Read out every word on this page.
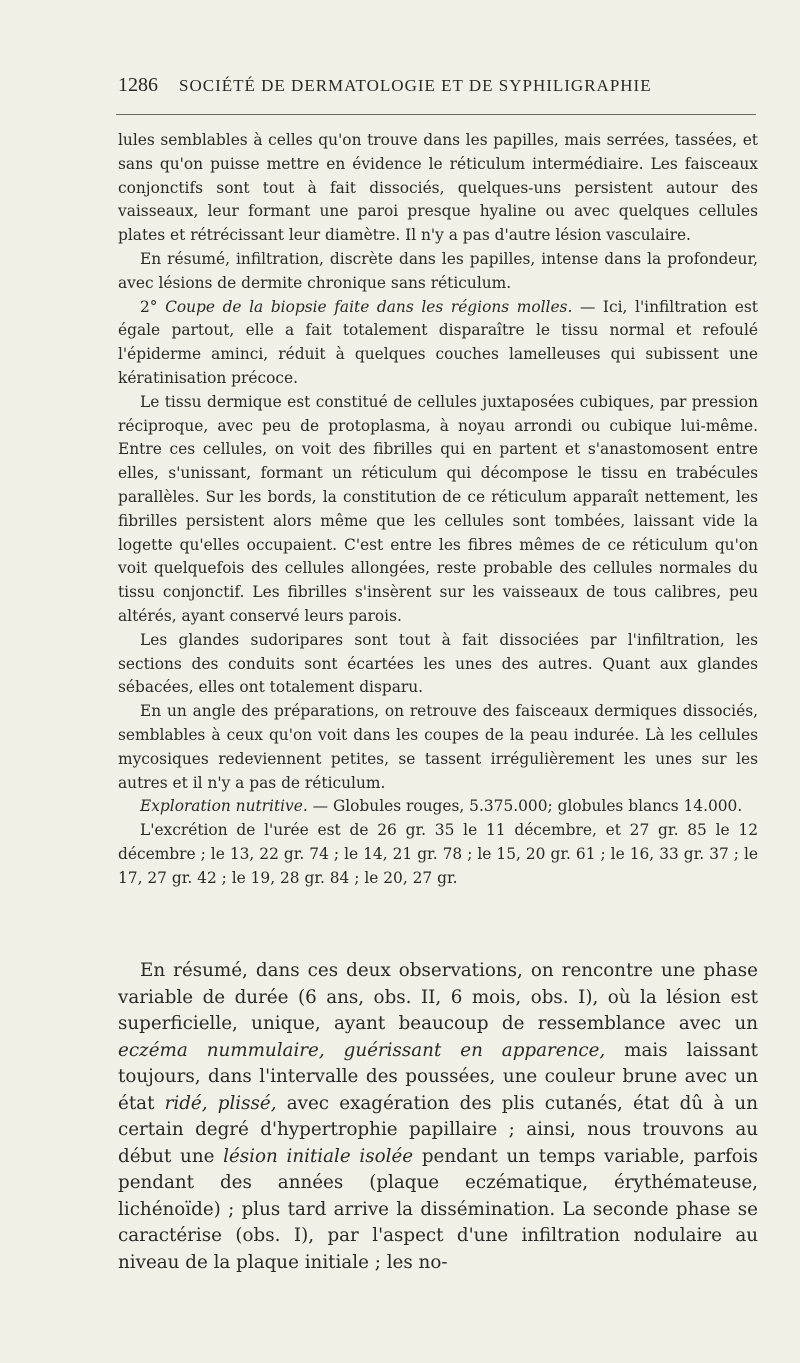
1286 SOCIÉTÉ DE DERMATOLOGIE ET DE SYPHILIGRAPHIE

lules semblables à celles qu'on trouve dans les papilles, mais serrées, tassées, et sans qu'on puisse mettre en évidence le réticulum intermédiaire. Les faisceaux conjonctifs sont tout à fait dissociés, quelques-uns persistent autour des vaisseaux, leur formant une paroi presque hyaline ou avec quelques cellules plates et rétrécissant leur diamètre. Il n'y a pas d'autre lésion vasculaire.

En résumé, infiltration, discrète dans les papilles, intense dans la profondeur, avec lésions de dermite chronique sans réticulum.

2° Coupe de la biopsie faite dans les régions molles. — Ici, l'infiltration est égale partout, elle a fait totalement disparaître le tissu normal et refoulé l'épiderme aminci, réduit à quelques couches lamelleuses qui subissent une kératinisation précoce.

Le tissu dermique est constitué de cellules juxtaposées cubiques, par pression réciproque, avec peu de protoplasma, à noyau arrondi ou cubique lui-même. Entre ces cellules, on voit des fibrilles qui en partent et s'anastomosent entre elles, s'unissant, formant un réticulum qui décompose le tissu en trabécules parallèles. Sur les bords, la constitution de ce réticulum apparaît nettement, les fibrilles persistent alors même que les cellules sont tombées, laissant vide la logette qu'elles occupaient. C'est entre les fibres mêmes de ce réticulum qu'on voit quelquefois des cellules allongées, reste probable des cellules normales du tissu conjonctif. Les fibrilles s'insèrent sur les vaisseaux de tous calibres, peu altérés, ayant conservé leurs parois.

Les glandes sudoripares sont tout à fait dissociées par l'infiltration, les sections des conduits sont écartées les unes des autres. Quant aux glandes sébacées, elles ont totalement disparu.

En un angle des préparations, on retrouve des faisceaux dermiques dissociés, semblables à ceux qu'on voit dans les coupes de la peau indurée. Là les cellules mycosiques redeviennent petites, se tassent irrégulièrement les unes sur les autres et il n'y a pas de réticulum.

Exploration nutritive. — Globules rouges, 5.375.000; globules blancs 14.000.

L'excrétion de l'urée est de 26 gr. 35 le 11 décembre, et 27 gr. 85 le 12 décembre ; le 13, 22 gr. 74 ; le 14, 21 gr. 78 ; le 15, 20 gr. 61 ; le 16, 33 gr. 37 ; le 17, 27 gr. 42 ; le 19, 28 gr. 84 ; le 20, 27 gr.

En résumé, dans ces deux observations, on rencontre une phase variable de durée (6 ans, obs. II, 6 mois, obs. I), où la lésion est superficielle, unique, ayant beaucoup de ressemblance avec un eczéma nummulaire, guérissant en apparence, mais laissant toujours, dans l'intervalle des poussées, une couleur brune avec un état ridé, plissé, avec exagération des plis cutanés, état dû à un certain degré d'hypertrophie papillaire ; ainsi, nous trouvons au début une lésion initiale isolée pendant un temps variable, parfois pendant des années (plaque eczématique, érythémateuse, lichénoïde) ; plus tard arrive la dissémination. La seconde phase se caractérise (obs. I), par l'aspect d'une infiltration nodulaire au niveau de la plaque initiale ; les no-
